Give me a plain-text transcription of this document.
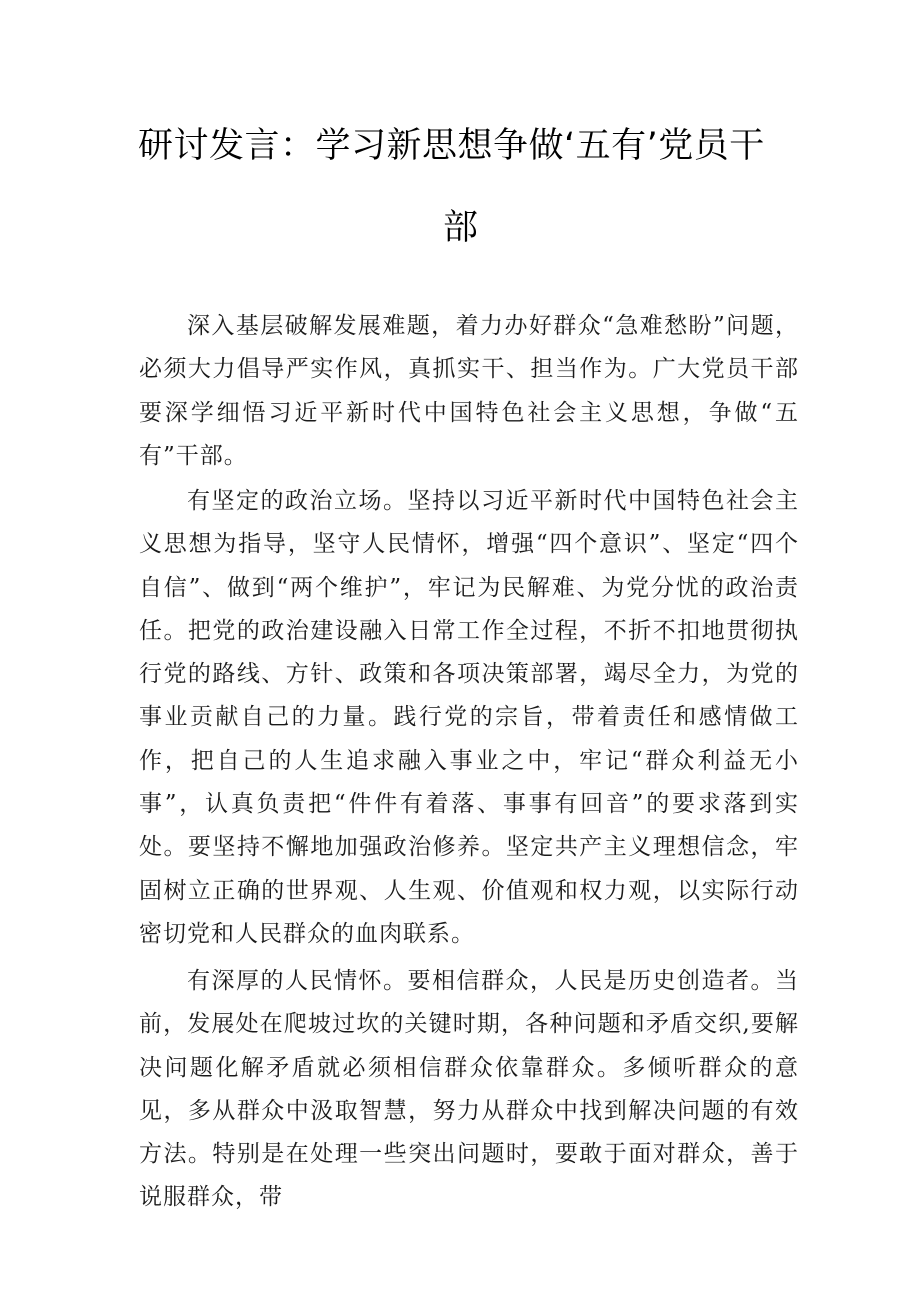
研讨发言：学习新思想争做‘五有’党员干
部

深入基层破解发展难题，着力办好群众“急难愁盼”问题，必须大力倡导严实作风，真抓实干、担当作为。广大党员干部要深学细悟习近平新时代中国特色社会主义思想，争做“五有”干部。

有坚定的政治立场。坚持以习近平新时代中国特色社会主义思想为指导，坚守人民情怀，增强“四个意识”、坚定“四个自信”、做到“两个维护”，牢记为民解难、为党分忧的政治责任。把党的政治建设融入日常工作全过程，不折不扣地贯彻执行党的路线、方针、政策和各项决策部署，竭尽全力，为党的事业贡献自己的力量。践行党的宗旨，带着责任和感情做工作，把自己的人生追求融入事业之中，牢记“群众利益无小事”，认真负责把“件件有着落、事事有回音”的要求落到实处。要坚持不懈地加强政治修养。坚定共产主义理想信念，牢固树立正确的世界观、人生观、价值观和权力观，以实际行动密切党和人民群众的血肉联系。

有深厚的人民情怀。要相信群众，人民是历史创造者。当前，发展处在爬坡过坎的关键时期，各种问题和矛盾交织,要解决问题化解矛盾就必须相信群众依靠群众。多倾听群众的意见，多从群众中汲取智慧，努力从群众中找到解决问题的有效方法。特别是在处理一些突出问题时，要敢于面对群众，善于说服群众，带
